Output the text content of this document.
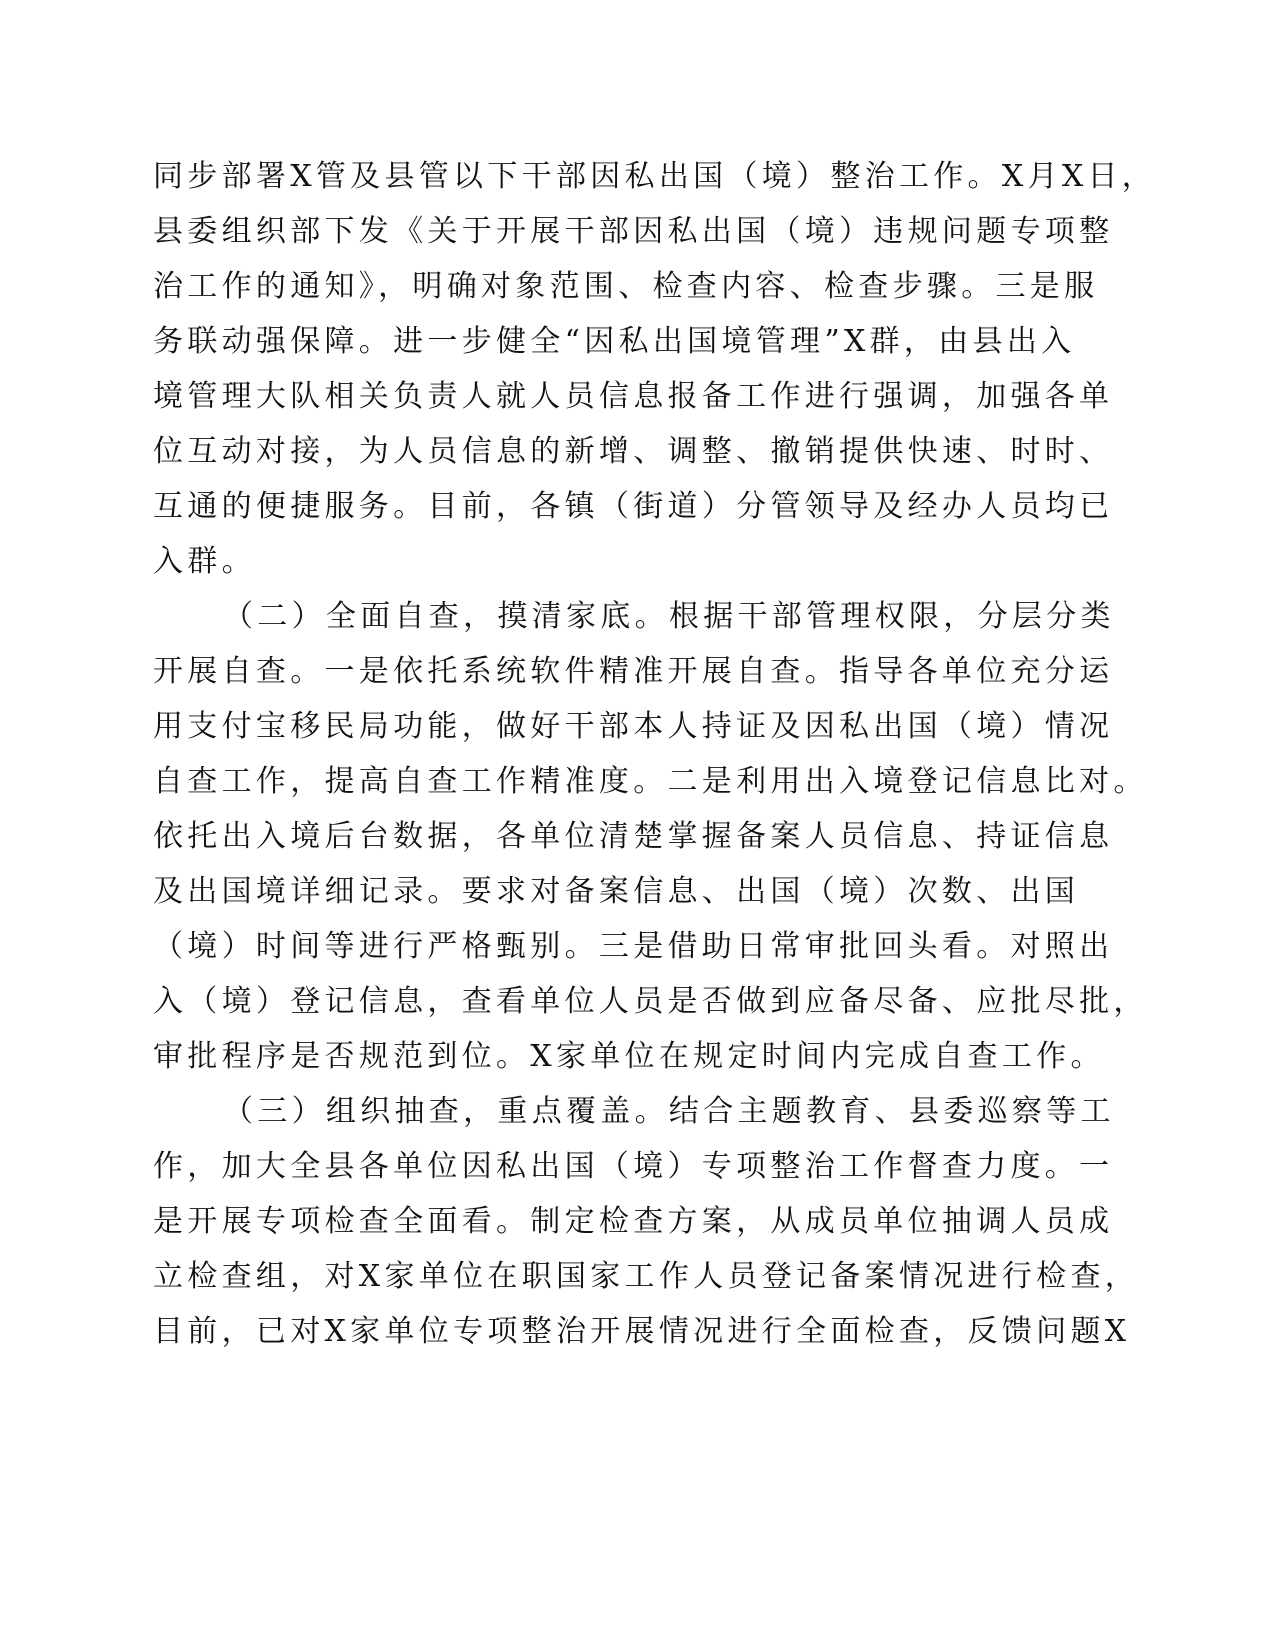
同步部署X管及县管以下干部因私出国（境）整治工作。X月X日，
县委组织部下发《关于开展干部因私出国（境）违规问题专项整
治工作的通知》，明确对象范围、检查内容、检查步骤。三是服
务联动强保障。进一步健全“因私出国境管理”X群，由县出入
境管理大队相关负责人就人员信息报备工作进行强调，加强各单
位互动对接，为人员信息的新增、调整、撤销提供快速、时时、
互通的便捷服务。目前，各镇（街道）分管领导及经办人员均已
入群。
（二）全面自查，摸清家底。根据干部管理权限，分层分类
开展自查。一是依托系统软件精准开展自查。指导各单位充分运
用支付宝移民局功能，做好干部本人持证及因私出国（境）情况
自查工作，提高自查工作精准度。二是利用出入境登记信息比对。
依托出入境后台数据，各单位清楚掌握备案人员信息、持证信息
及出国境详细记录。要求对备案信息、出国（境）次数、出国
（境）时间等进行严格甄别。三是借助日常审批回头看。对照出
入（境）登记信息，查看单位人员是否做到应备尽备、应批尽批，
审批程序是否规范到位。X家单位在规定时间内完成自查工作。
（三）组织抽查，重点覆盖。结合主题教育、县委巡察等工
作，加大全县各单位因私出国（境）专项整治工作督查力度。一
是开展专项检查全面看。制定检查方案，从成员单位抽调人员成
立检查组，对X家单位在职国家工作人员登记备案情况进行检查，
目前，已对X家单位专项整治开展情况进行全面检查，反馈问题X
